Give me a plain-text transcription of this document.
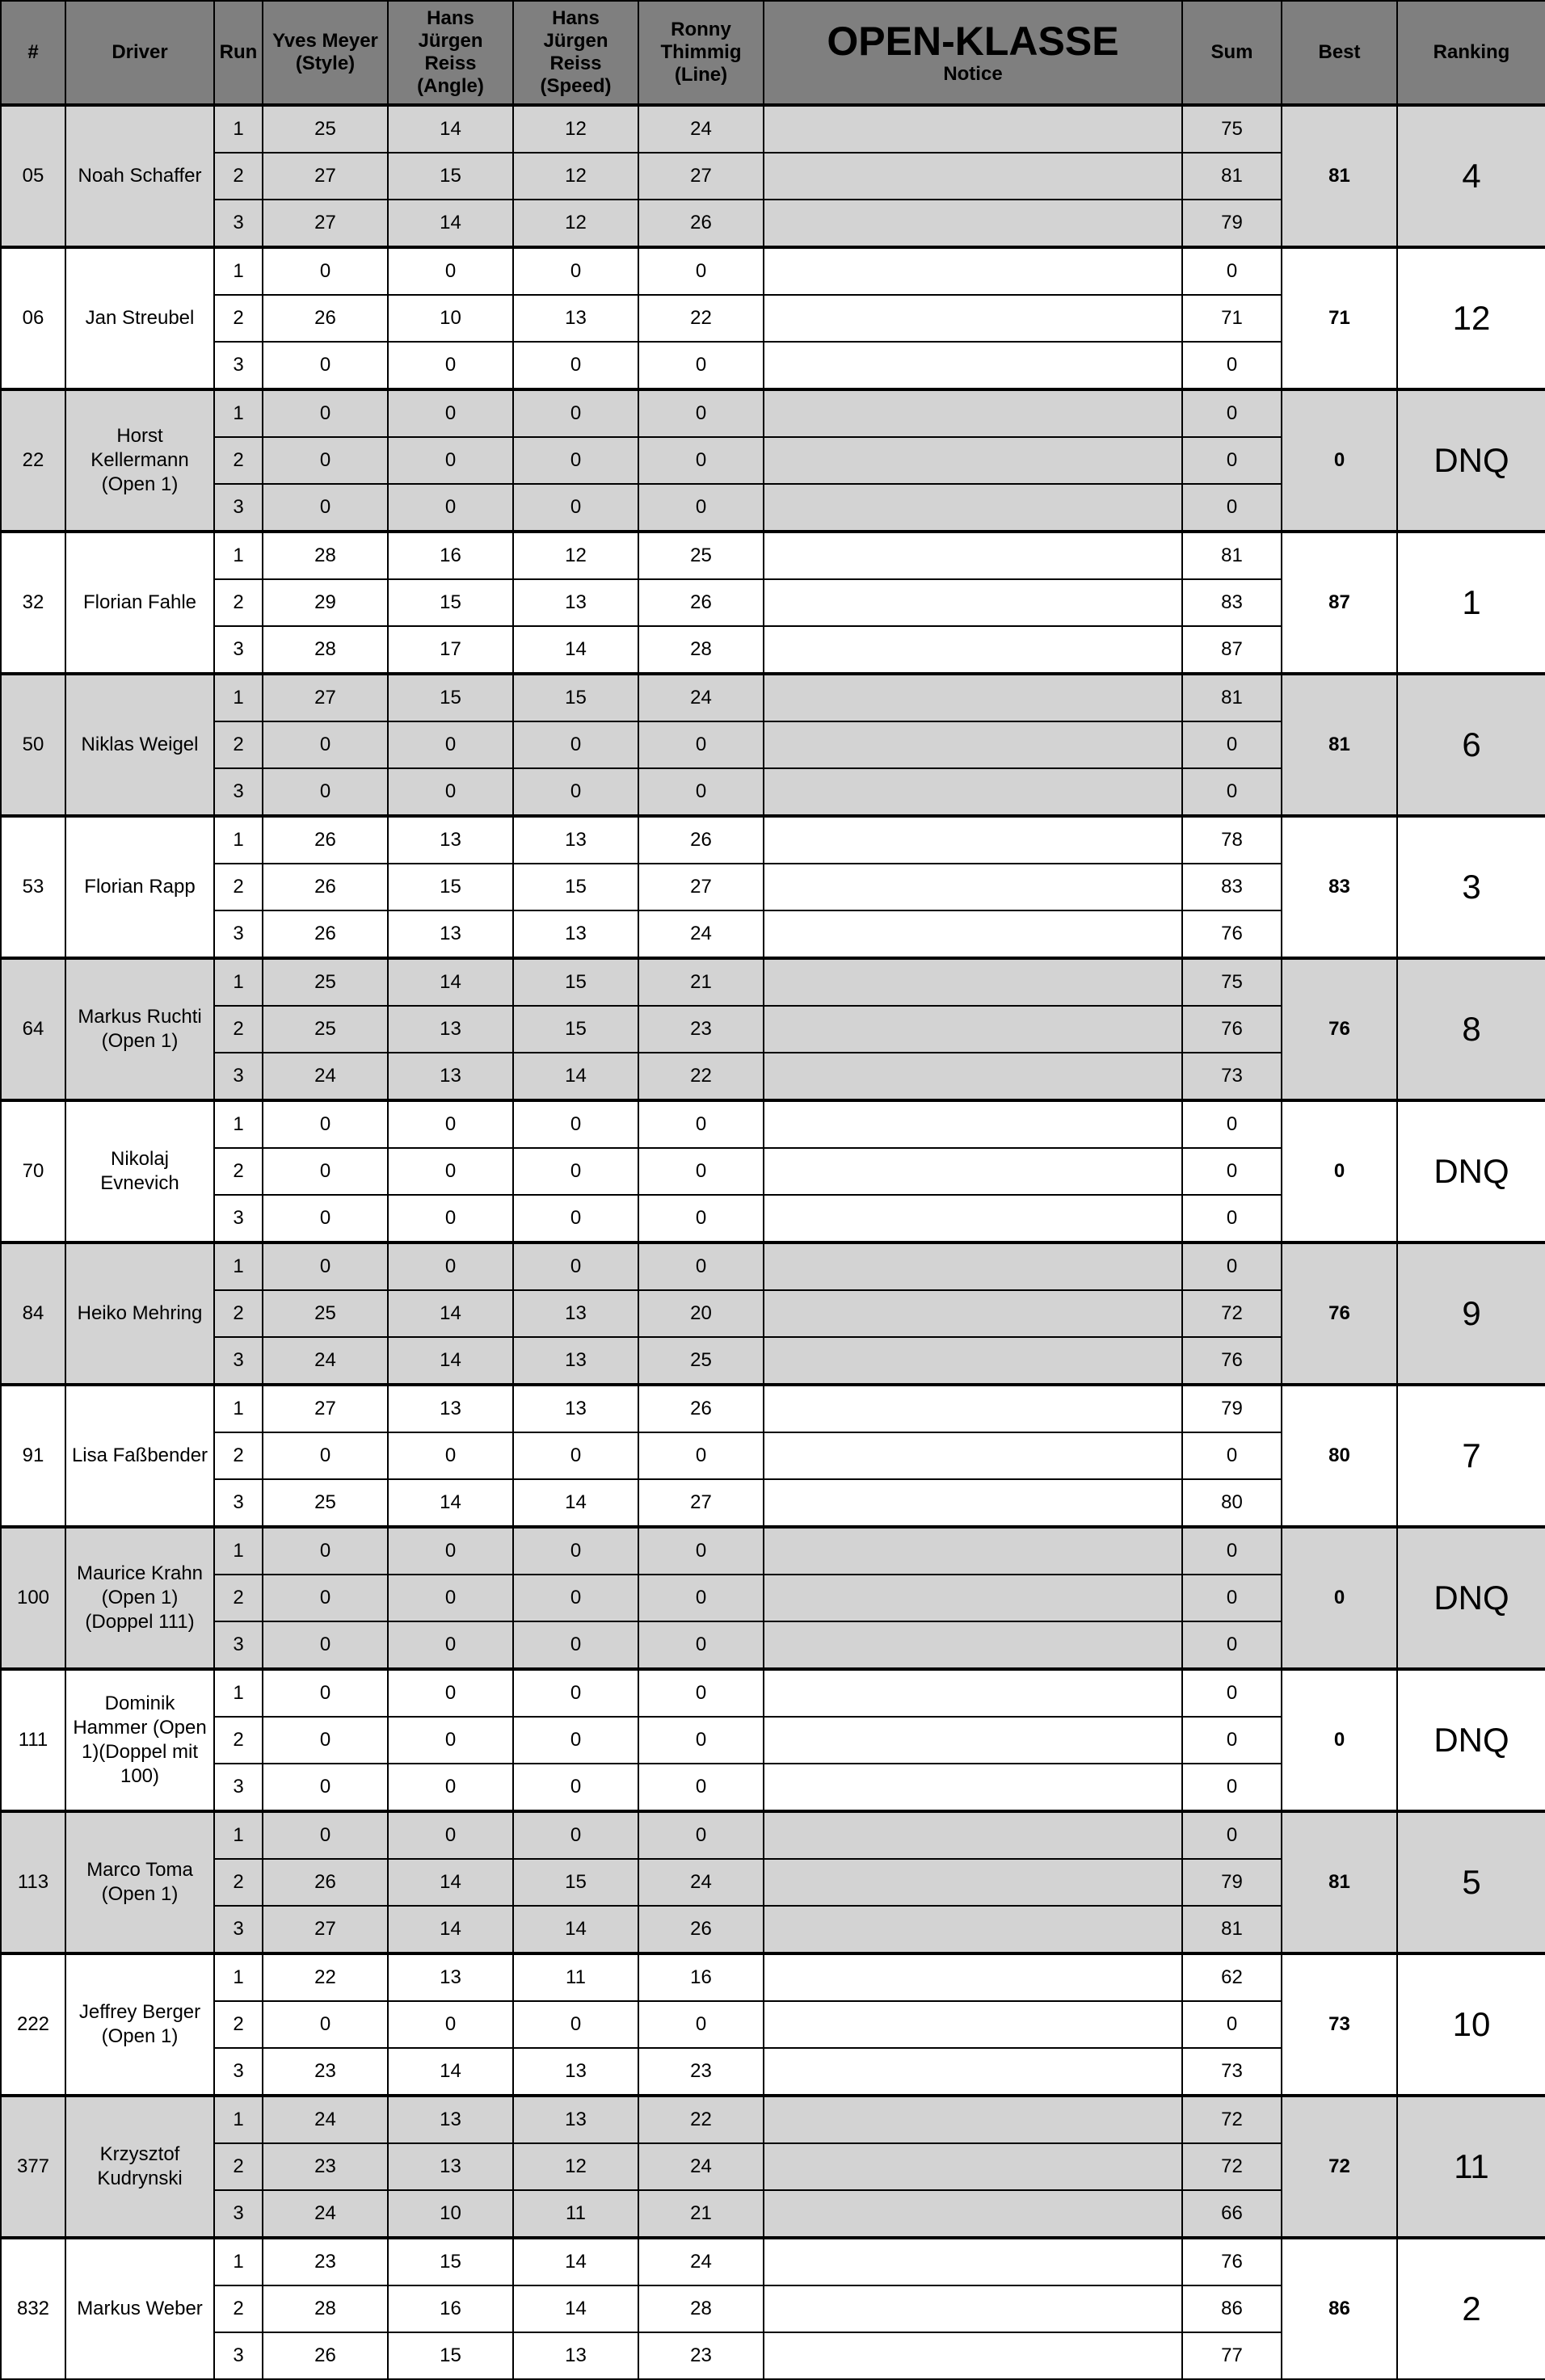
#	Driver	Run	Yves Meyer
(Style)	Hans
Jürgen
Reiss
(Angle)	Hans
Jürgen
Reiss
(Speed)	Ronny
Thimmig
(Line)	OPEN-KLASSE
Notice	Sum	Best	Ranking
05	Noah Schaffer	1	25	14	12	24		75	81	4
		2	27	15	12	27		81		
		3	27	14	12	26		79		
06	Jan Streubel	1	0	0	0	0		0	71	12
		2	26	10	13	22		71		
		3	0	0	0	0		0		
22	Horst Kellermann (Open 1)	1	0	0	0	0		0	0	DNQ
		2	0	0	0	0		0		
		3	0	0	0	0		0		
32	Florian Fahle	1	28	16	12	25		81	87	1
		2	29	15	13	26		83		
		3	28	17	14	28		87		
50	Niklas Weigel	1	27	15	15	24		81	81	6
		2	0	0	0	0		0		
		3	0	0	0	0		0		
53	Florian Rapp	1	26	13	13	26		78	83	3
		2	26	15	15	27		83		
		3	26	13	13	24		76		
64	Markus Ruchti (Open 1)	1	25	14	15	21		75	76	8
		2	25	13	15	23		76		
		3	24	13	14	22		73		
70	Nikolaj Evnevich	1	0	0	0	0		0	0	DNQ
		2	0	0	0	0		0		
		3	0	0	0	0		0		
84	Heiko Mehring	1	0	0	0	0		0	76	9
		2	25	14	13	20		72		
		3	24	14	13	25		76		
91	Lisa Faßbender	1	27	13	13	26		79	80	7
		2	0	0	0	0		0		
		3	25	14	14	27		80		
100	Maurice Krahn (Open 1)(Doppel 111)	1	0	0	0	0		0	0	DNQ
		2	0	0	0	0		0		
		3	0	0	0	0		0		
111	Dominik Hammer (Open 1)(Doppel mit 100)	1	0	0	0	0		0	0	DNQ
		2	0	0	0	0		0		
		3	0	0	0	0		0		
113	Marco Toma (Open 1)	1	0	0	0	0		0	81	5
		2	26	14	15	24		79		
		3	27	14	14	26		81		
222	Jeffrey Berger (Open 1)	1	22	13	11	16		62	73	10
		2	0	0	0	0		0		
		3	23	14	13	23		73		
377	Krzysztof Kudrynski	1	24	13	13	22		72	72	11
		2	23	13	12	24		72		
		3	24	10	11	21		66		
832	Markus Weber	1	23	15	14	24		76	86	2
		2	28	16	14	28		86		
		3	26	15	13	23		77		
